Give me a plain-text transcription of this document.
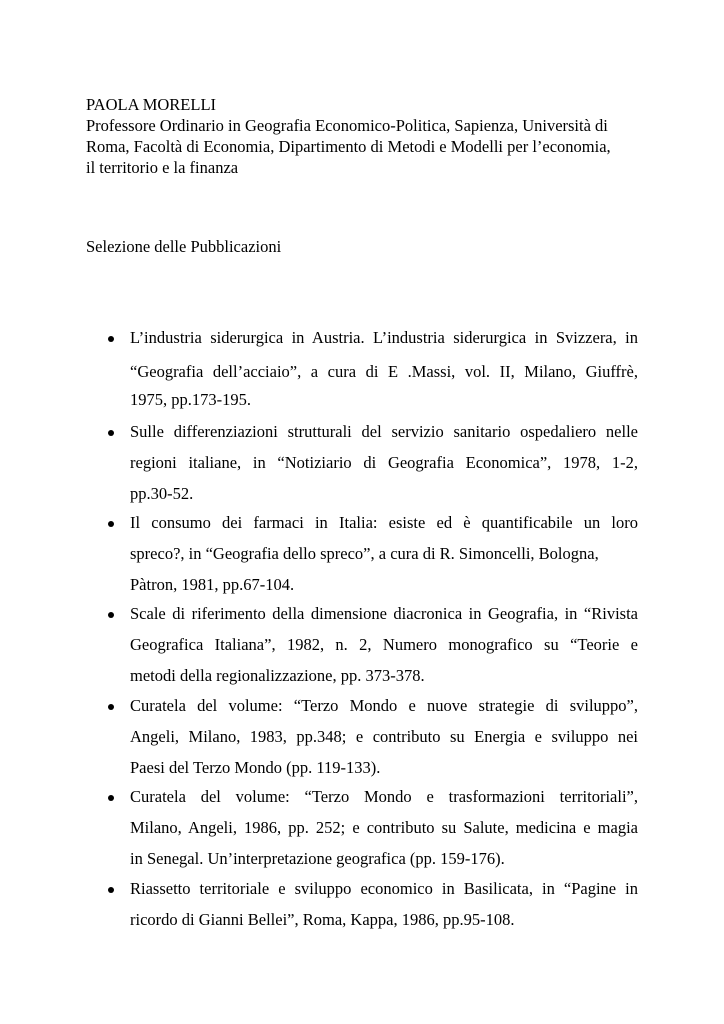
PAOLA MORELLI
Professore Ordinario in Geografia Economico-Politica, Sapienza, Università di
Roma, Facoltà di Economia, Dipartimento di Metodi e Modelli per l’economia,
il territorio e la finanza
Selezione delle Pubblicazioni
L’industria siderurgica in Austria. L’industria siderurgica in Svizzera, in
“Geografia dell’acciaio”, a cura di E .Massi, vol. II, Milano, Giuffrè,
1975, pp.173-195.
Sulle differenziazioni strutturali del servizio sanitario ospedaliero nelle
regioni italiane, in “Notiziario di Geografia Economica”, 1978, 1-2,
pp.30-52.
Il consumo dei farmaci in Italia: esiste ed è quantificabile un loro
spreco?, in “Geografia dello spreco”, a cura di R. Simoncelli, Bologna,
Pàtron, 1981, pp.67-104.
Scale di riferimento della dimensione diacronica in Geografia, in “Rivista
Geografica Italiana”, 1982, n. 2, Numero monografico su “Teorie e
metodi della regionalizzazione, pp. 373-378.
Curatela del volume: “Terzo Mondo e nuove strategie di sviluppo”,
Angeli, Milano, 1983, pp.348; e contributo su Energia e sviluppo nei
Paesi del Terzo Mondo (pp. 119-133).
Curatela del volume: “Terzo Mondo e trasformazioni territoriali”,
Milano, Angeli, 1986, pp. 252; e contributo su Salute, medicina e magia
in Senegal. Un’interpretazione geografica (pp. 159-176).
Riassetto territoriale e sviluppo economico in Basilicata, in “Pagine in
ricordo di Gianni Bellei”, Roma, Kappa, 1986, pp.95-108.
